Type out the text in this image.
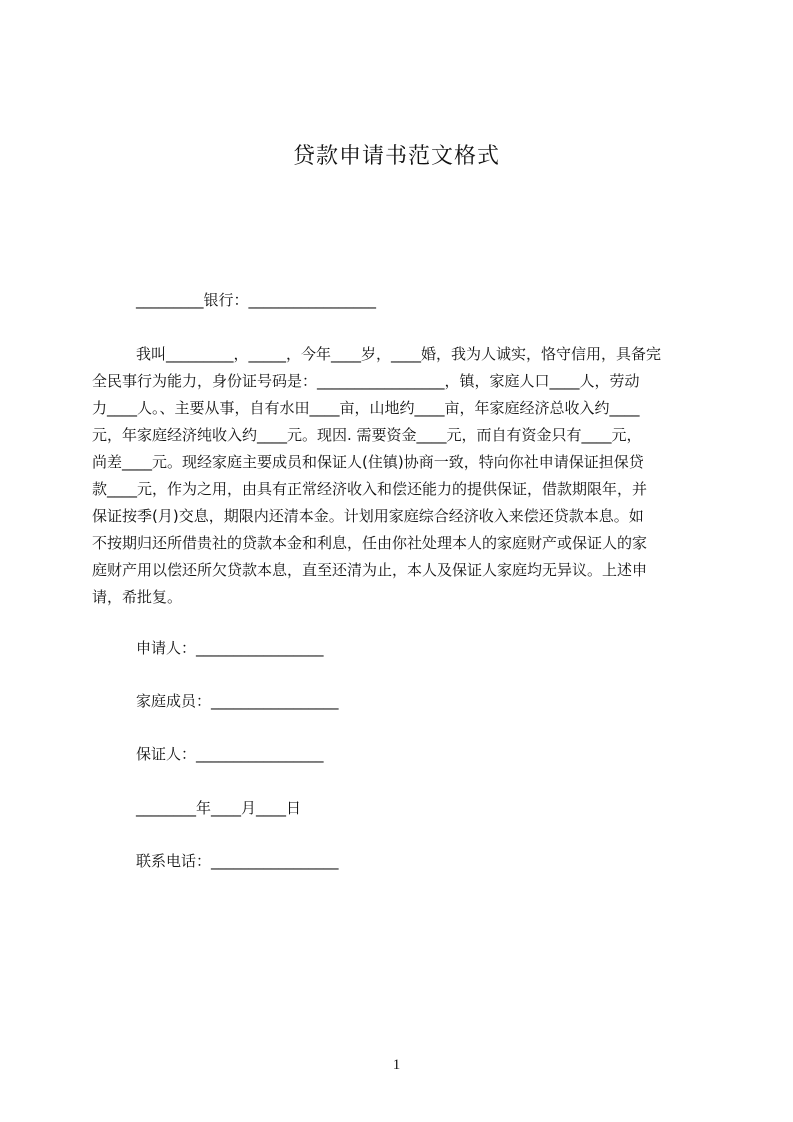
贷款申请书范文格式
_________银行：_________________
我叫_________，_____，今年____岁，____婚，我为人诚实，恪守信用，具备完
全民事行为能力，身份证号码是：_________________，镇，家庭人口____人，劳动
力____人。、主要从事，自有水田____亩，山地约____亩，年家庭经济总收入约____
元，年家庭经济纯收入约____元。现因. 需要资金____元，而自有资金只有____元，
尚差____元。现经家庭主要成员和保证人(住镇)协商一致，特向你社申请保证担保贷
款____元，作为之用，由具有正常经济收入和偿还能力的提供保证，借款期限年，并
保证按季(月)交息，期限内还清本金。计划用家庭综合经济收入来偿还贷款本息。如
不按期归还所借贵社的贷款本金和利息，任由你社处理本人的家庭财产或保证人的家
庭财产用以偿还所欠贷款本息，直至还清为止，本人及保证人家庭均无异议。上述申
请，希批复。
申请人：_________________
家庭成员：_________________
保证人：_________________
________年____月____日
联系电话：_________________
1
